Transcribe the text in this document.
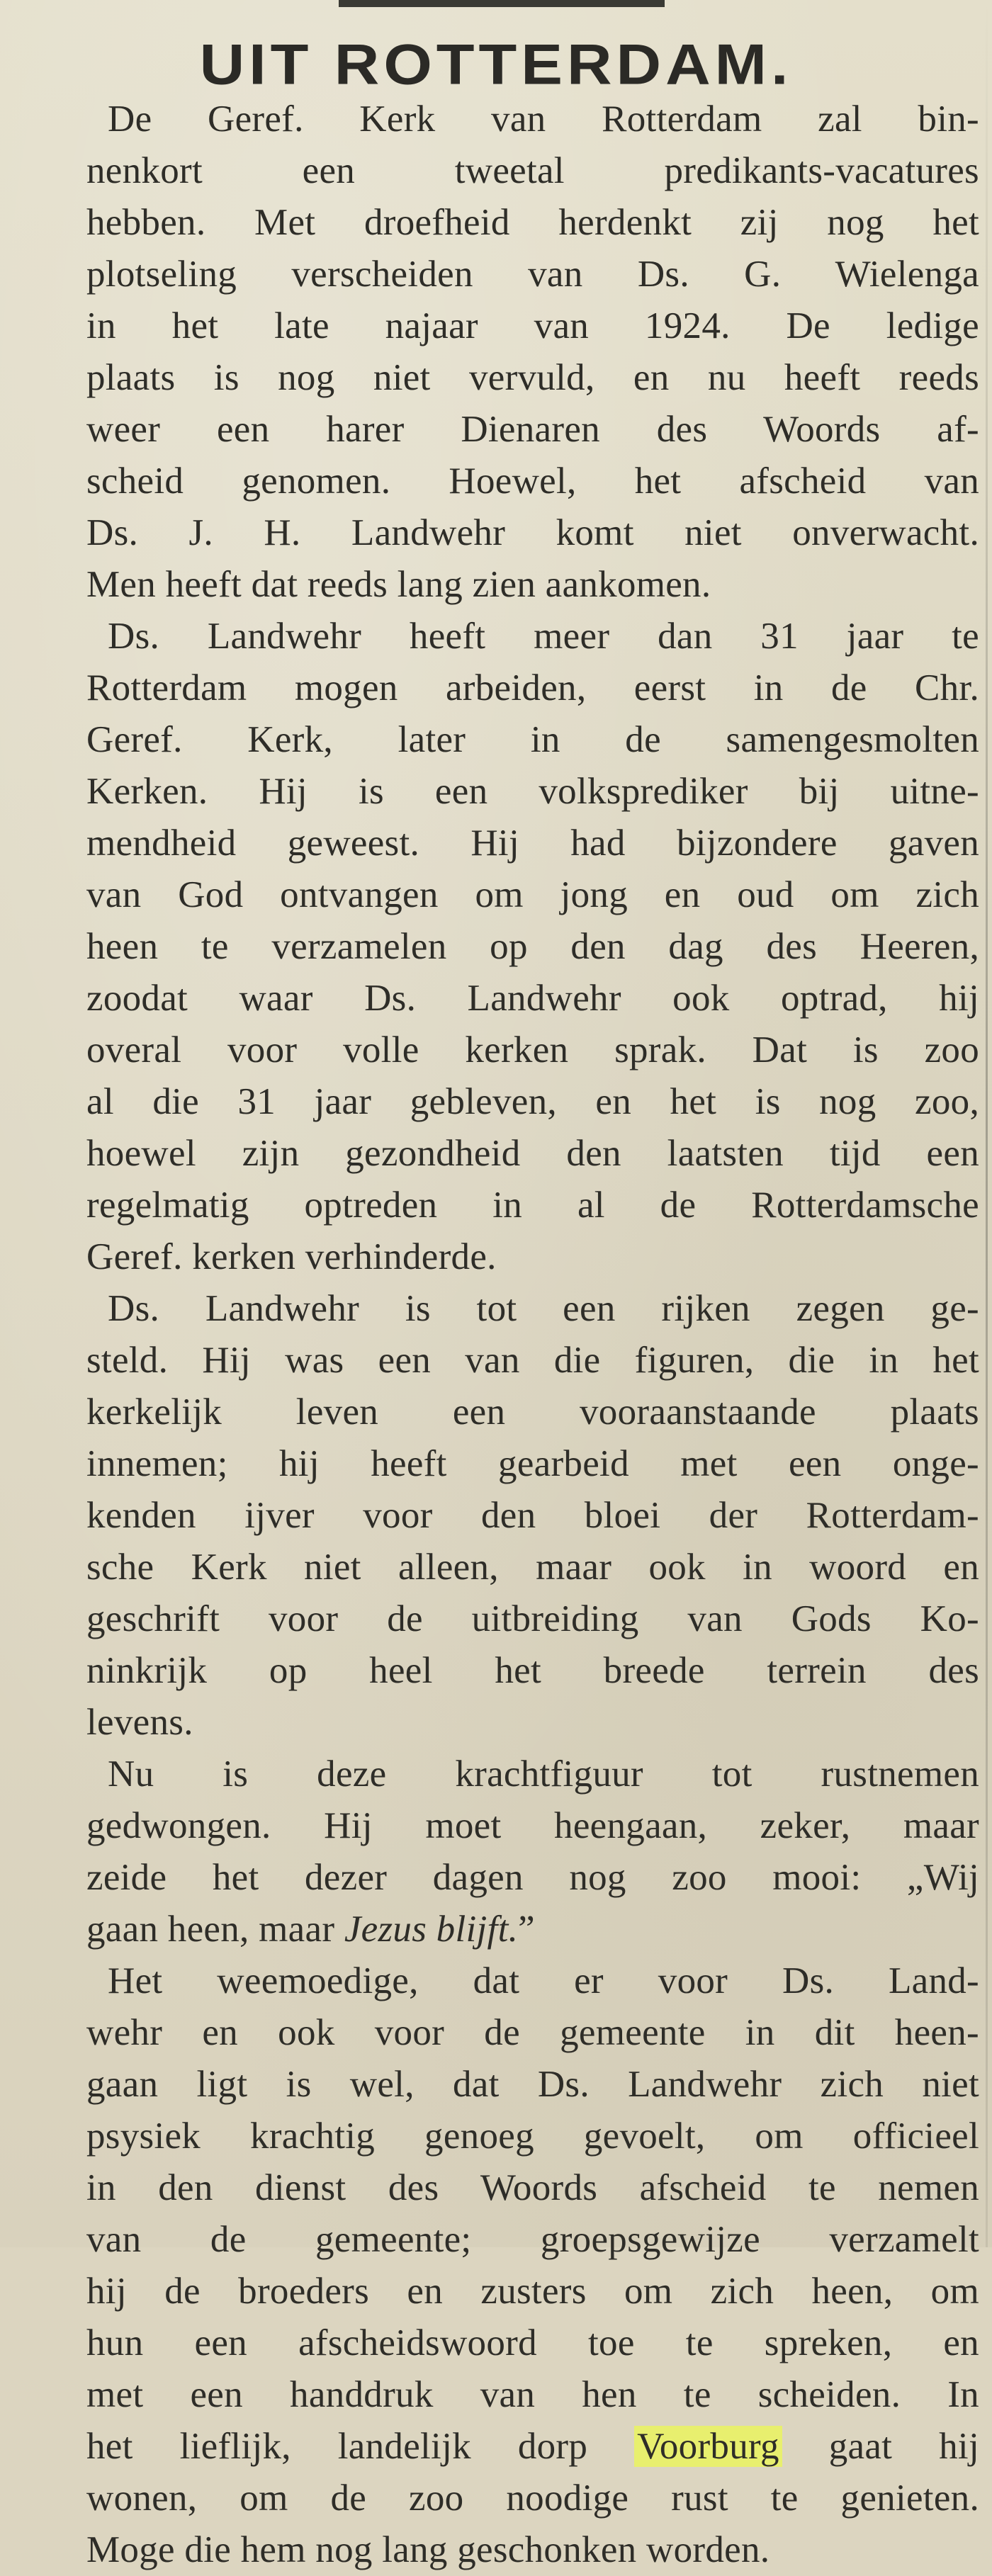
UIT ROTTERDAM.

De Geref. Kerk van Rotterdam zal bin-
nenkort een tweetal predikants-vacatures
hebben. Met droefheid herdenkt zij nog het
plotseling verscheiden van Ds. G. Wielenga
in het late najaar van 1924. De ledige
plaats is nog niet vervuld, en nu heeft reeds
weer een harer Dienaren des Woords af-
scheid genomen. Hoewel, het afscheid van
Ds. J. H. Landwehr komt niet onverwacht.
Men heeft dat reeds lang zien aankomen.

Ds. Landwehr heeft meer dan 31 jaar te
Rotterdam mogen arbeiden, eerst in de Chr.
Geref. Kerk, later in de samengesmolten
Kerken. Hij is een volksprediker bij uitne-
mendheid geweest. Hij had bijzondere gaven
van God ontvangen om jong en oud om zich
heen te verzamelen op den dag des Heeren,
zoodat waar Ds. Landwehr ook optrad, hij
overal voor volle kerken sprak. Dat is zoo
al die 31 jaar gebleven, en het is nog zoo,
hoewel zijn gezondheid den laatsten tijd een
regelmatig optreden in al de Rotterdamsche
Geref. kerken verhinderde.

Ds. Landwehr is tot een rijken zegen ge-
steld. Hij was een van die figuren, die in het
kerkelijk leven een vooraanstaande plaats
innemen; hij heeft gearbeid met een onge-
kenden ijver voor den bloei der Rotterdam-
sche Kerk niet alleen, maar ook in woord en
geschrift voor de uitbreiding van Gods Ko-
ninkrijk op heel het breede terrein des
levens.

Nu is deze krachtfiguur tot rustnemen
gedwongen. Hij moet heengaan, zeker, maar
zeide het dezer dagen nog zoo mooi: „Wij
gaan heen, maar Jezus blijft.”

Het weemoedige, dat er voor Ds. Land-
wehr en ook voor de gemeente in dit heen-
gaan ligt is wel, dat Ds. Landwehr zich niet
psysiek krachtig genoeg gevoelt, om officieel
in den dienst des Woords afscheid te nemen
van de gemeente; groepsgewijze verzamelt
hij de broeders en zusters om zich heen, om
hun een afscheidswoord toe te spreken, en
met een handdruk van hen te scheiden. In
het lieflijk, landelijk dorp Voorburg gaat hij
wonen, om de zoo noodige rust te genieten.
Moge die hem nog lang geschonken worden.
